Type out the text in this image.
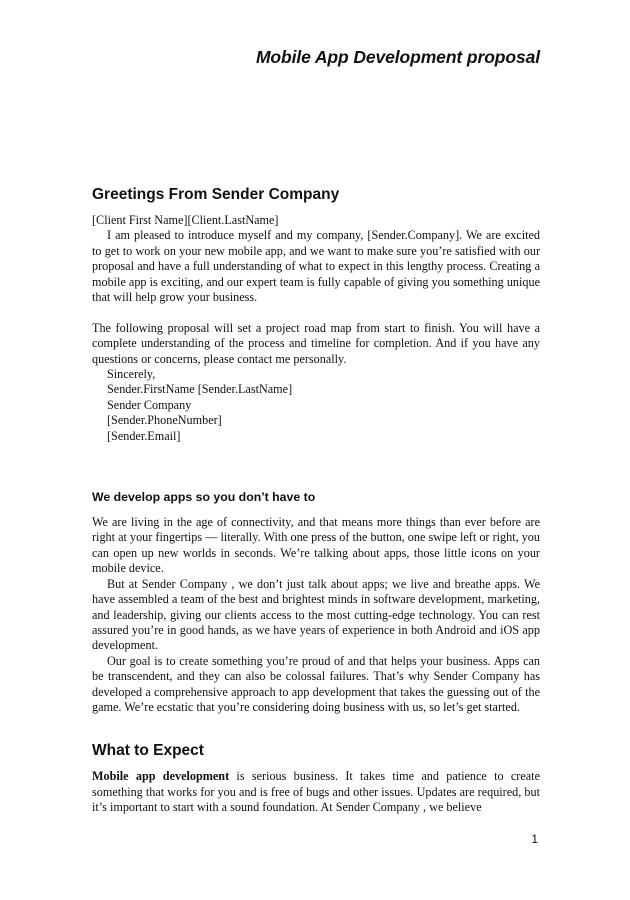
Mobile App Development proposal
Greetings From Sender Company

[Client First Name][Client.LastName]

I am pleased to introduce myself and my company, [Sender.Company]. We are excited to get to work on your new mobile app, and we want to make sure you’re satisfied with our proposal and have a full understanding of what to expect in this lengthy process. Creating a mobile app is exciting, and our expert team is fully capable of giving you something unique that will help grow your business.

The following proposal will set a project road map from start to finish. You will have a complete understanding of the process and timeline for completion. And if you have any questions or concerns, please contact me personally.

Sincerely,
Sender.FirstName [Sender.LastName]
Sender Company
[Sender.PhoneNumber]
[Sender.Email]
We develop apps so you don’t have to

We are living in the age of connectivity, and that means more things than ever before are right at your fingertips — literally. With one press of the button, one swipe left or right, you can open up new worlds in seconds. We’re talking about apps, those little icons on your mobile device.

But at Sender Company , we don’t just talk about apps; we live and breathe apps. We have assembled a team of the best and brightest minds in software development, marketing, and leadership, giving our clients access to the most cutting-edge technology. You can rest assured you’re in good hands, as we have years of experience in both Android and iOS app development.

Our goal is to create something you’re proud of and that helps your business. Apps can be transcendent, and they can also be colossal failures. That’s why Sender Company has developed a comprehensive approach to app development that takes the guessing out of the game. We’re ecstatic that you’re considering doing business with us, so let’s get started.

What to Expect

Mobile app development is serious business. It takes time and patience to create something that works for you and is free of bugs and other issues. Updates are required, but it’s important to start with a sound foundation. At Sender Company , we believe

1
